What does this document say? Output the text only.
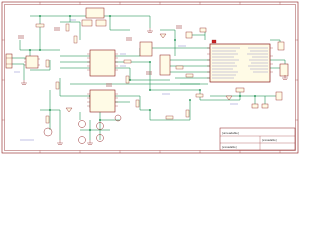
[unreadable]
[unreadable]
[unreadable]
